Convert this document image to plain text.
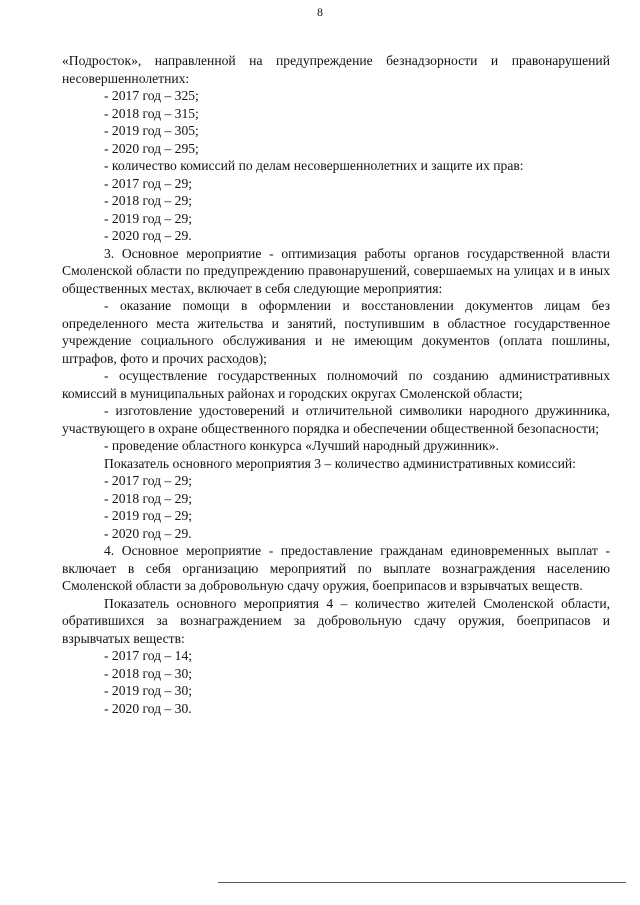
8

«Подросток», направленной на предупреждение безнадзорности и правонарушений несовершеннолетних:

- 2017 год – 325;

- 2018 год – 315;

- 2019 год – 305;

- 2020 год – 295;

- количество комиссий по делам несовершеннолетних и защите их прав:

- 2017 год – 29;

- 2018 год – 29;

- 2019 год – 29;

- 2020 год – 29.

3. Основное мероприятие - оптимизация работы органов государственной власти Смоленской области по предупреждению правонарушений, совершаемых на улицах и в иных общественных местах, включает в себя следующие мероприятия:

- оказание помощи в оформлении и восстановлении документов лицам без определенного места жительства и занятий, поступившим в областное государственное учреждение социального обслуживания и не имеющим документов (оплата пошлины, штрафов, фото и прочих расходов);

- осуществление государственных полномочий по созданию административных комиссий в муниципальных районах и городских округах Смоленской области;

- изготовление удостоверений и отличительной символики народного дружинника, участвующего в охране общественного порядка и обеспечении общественной безопасности;

- проведение областного конкурса «Лучший народный дружинник».

Показатель основного мероприятия 3 – количество административных комиссий:

- 2017 год – 29;

- 2018 год – 29;

- 2019 год – 29;

- 2020 год – 29.

4. Основное мероприятие - предоставление гражданам единовременных выплат - включает в себя организацию мероприятий по выплате вознаграждения населению Смоленской области за добровольную сдачу оружия, боеприпасов и взрывчатых веществ.

Показатель основного мероприятия 4 – количество жителей Смоленской области, обратившихся за вознаграждением за добровольную сдачу оружия, боеприпасов и взрывчатых веществ:

- 2017 год – 14;

- 2018 год – 30;

- 2019 год – 30;

- 2020 год – 30.
